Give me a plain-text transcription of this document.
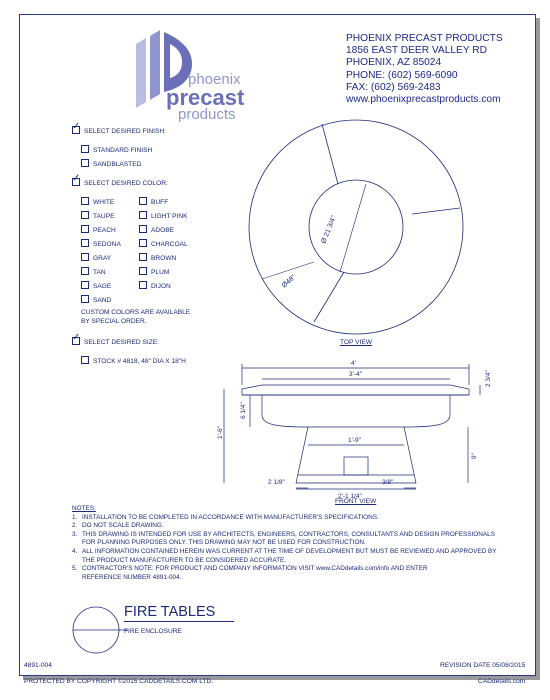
phoenix
precast
products
PHOENIX PRECAST PRODUCTS
1856 EAST DEER VALLEY RD
PHOENIX, AZ 85024
PHONE: (602) 569-6090
FAX: (602) 569-2483
www.phoenixprecastproducts.com
✓SELECT DESIRED FINISH:
STANDARD FINISH
SANDBLASTED
✓SELECT DESIRED COLOR:
WHITE
TAUPE
PEACH
SEDONA
GRAY
TAN
SAGE
SAND
BUFF
LIGHT PINK
ADOBE
CHARCOAL
BROWN
PLUM
DIJON
CUSTOM COLORS ARE AVAILABLE
BY SPECIAL ORDER.
✓SELECT DESIRED SIZE:
STOCK # 4818, 48" DIA X 18"H
Ø 21 3/4"
Ø48"
TOP VIEW
4'
3'-4"
1'-9"
1'-6"
6 1/4"
2 3/4"
9"
2 1/8"	3/8"
2'-1 1/4"
FRONT VIEW
NOTES:
1. INSTALLATION TO BE COMPLETED IN ACCORDANCE WITH MANUFACTURER'S SPECIFICATIONS.
2. DO NOT SCALE DRAWING.
3. THIS DRAWING IS INTENDED FOR USE BY ARCHITECTS, ENGINEERS, CONTRACTORS, CONSULTANTS AND DESIGN PROFESSIONALS
FOR PLANNING PURPOSES ONLY. THIS DRAWING MAY NOT BE USED FOR CONSTRUCTION.
4. ALL INFORMATION CONTAINED HEREIN WAS CURRENT AT THE TIME OF DEVELOPMENT BUT MUST BE REVIEWED AND APPROVED BY
THE PRODUCT MANUFACTURER TO BE CONSIDERED ACCURATE.
5. CONTRACTOR'S NOTE: FOR PRODUCT AND COMPANY INFORMATION VISIT www.CADdetails.com/info AND ENTER
REFERENCE NUMBER 4891-004.
FIRE TABLES
FIRE ENCLOSURE
4891-004	REVISION DATE 05/08/2015
PROTECTED BY COPYRIGHT ©2015 CADDETAILS.COM LTD.	CADdetails.com
